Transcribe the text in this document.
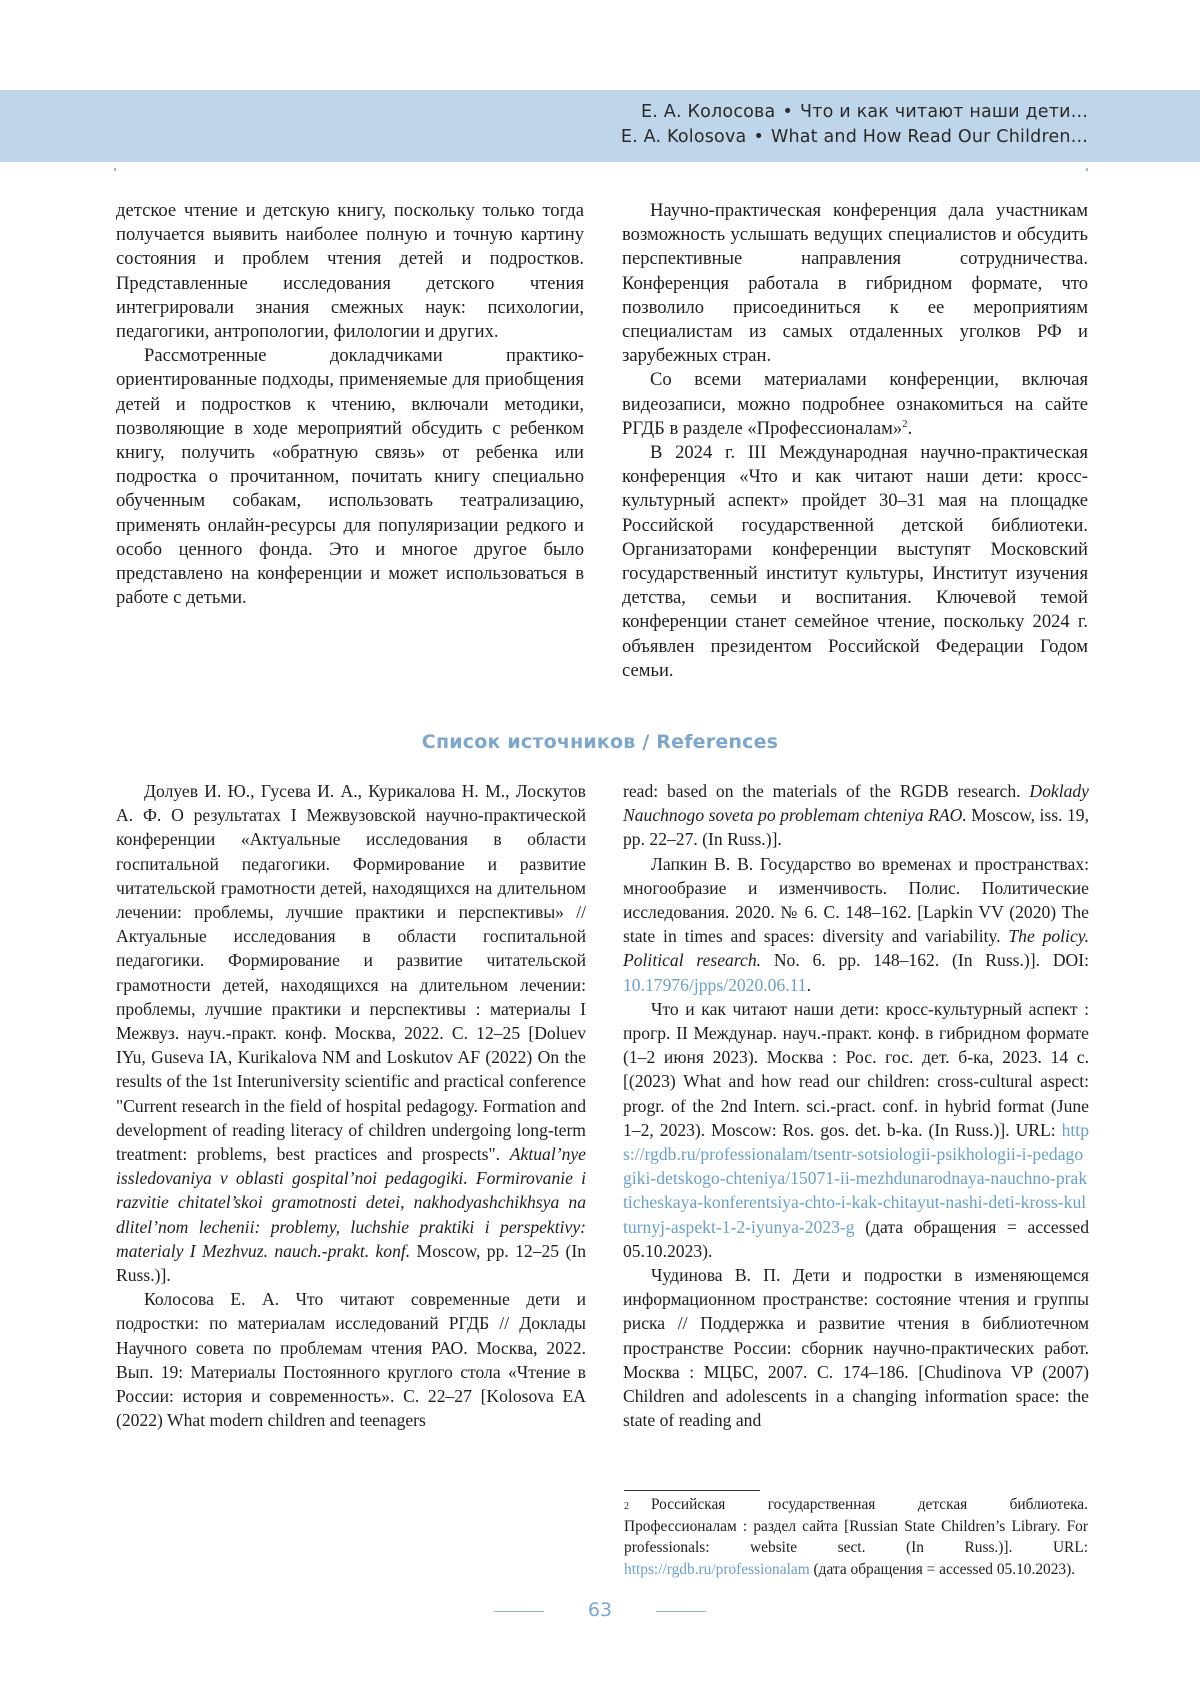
Е. А. Колосова • Что и как читают наши дети...
E. A. Kolosova • What and How Read Our Children...

детское чтение и детскую книгу, поскольку только тогда получается выявить наиболее полную и точную картину состояния и проблем чтения детей и подростков. Представленные исследования детского чтения интегрировали знания смежных наук: психологии, педагогики, антропологии, филологии и других.

Рассмотренные докладчиками практико-ориентированные подходы, применяемые для приобщения детей и подростков к чтению, включали методики, позволяющие в ходе мероприятий обсудить с ребенком книгу, получить «обратную связь» от ребенка или подростка о прочитанном, почитать книгу специально обученным собакам, использовать театрализацию, применять онлайн-ресурсы для популяризации редкого и особо ценного фонда. Это и многое другое было представлено на конференции и может использоваться в работе с детьми.

Научно-практическая конференция дала участникам возможность услышать ведущих специалистов и обсудить перспективные направления сотрудничества. Конференция работала в гибридном формате, что позволило присоединиться к ее мероприятиям специалистам из самых отдаленных уголков РФ и зарубежных стран.

Со всеми материалами конференции, включая видеозаписи, можно подробнее ознакомиться на сайте РГДБ в разделе «Профессионалам»$^2$.

В 2024 г. III Международная научно-практическая конференция «Что и как читают наши дети: кросс-культурный аспект» пройдет 30–31 мая на площадке Российской государственной детской библиотеки. Организаторами конференции выступят Московский государственный институт культуры, Институт изучения детства, семьи и воспитания. Ключевой темой конференции станет семейное чтение, поскольку 2024 г. объявлен президентом Российской Федерации Годом семьи.

Список источников / References

Долуев И. Ю., Гусева И. А., Курикалова Н. М., Лоскутов А. Ф. О результатах I Межвузовской научно-практической конференции «Актуальные исследования в области госпитальной педагогики. Формирование и развитие читательской грамотности детей, находящихся на длительном лечении: проблемы, лучшие практики и перспективы» // Актуальные исследования в области госпитальной педагогики. Формирование и развитие читательской грамотности детей, находящихся на длительном лечении: проблемы, лучшие практики и перспективы : материалы I Межвуз. науч.-практ. конф. Москва, 2022. С. 12–25 [Doluev IYu, Guseva IA, Kurikalova NM and Loskutov AF (2022) On the results of the 1st Interuniversity scientific and practical conference "Current research in the field of hospital pedagogy. Formation and development of reading literacy of children undergoing long-term treatment: problems, best practices and prospects". Aktual’nye issledovaniya v oblasti gospital’noi pedagogiki. Formirovanie i razvitie chitatel’skoi gramotnosti detei, nakhodyashchikhsya na dlitel’nom lechenii: problemy, luchshie praktiki i perspektivy: materialy I Mezhvuz. nauch.-prakt. konf. Moscow, pp. 12–25 (In Russ.)].

Колосова Е. А. Что читают современные дети и подростки: по материалам исследований РГДБ // Доклады Научного совета по проблемам чтения РАО. Москва, 2022. Вып. 19: Материалы Постоянного круглого стола «Чтение в России: история и современность». С. 22–27 [Kolosova EA (2022) What modern children and teenagers

read: based on the materials of the RGDB research. Doklady Nauchnogo soveta po problemam chteniya RAO. Moscow, iss. 19, pp. 22–27. (In Russ.)].

Лапкин В. В. Государство во временах и пространствах: многообразие и изменчивость. Полис. Политические исследования. 2020. № 6. С. 148–162. [Lapkin VV (2020) The state in times and spaces: diversity and variability. The policy. Political research. No. 6. pp. 148–162. (In Russ.)]. DOI: 10.17976/jpps/2020.06.11.

Что и как читают наши дети: кросс-культурный аспект : прогр. II Междунар. науч.-практ. конф. в гибридном формате (1–2 июня 2023). Москва : Рос. гос. дет. б-ка, 2023. 14 с. [(2023) What and how read our children: cross-cultural aspect: progr. of the 2nd Intern. sci.-pract. conf. in hybrid format (June 1–2, 2023). Moscow: Ros. gos. det. b-ka. (In Russ.)]. URL: https://rgdb.ru/professionalam/tsentr-sotsiologii-psikhologii-i-pedagogiki-detskogo-chteniya/15071-ii-mezhdunarodnaya-nauchno-prakticheskaya-konferentsiya-chto-i-kak-chitayut-nashi-deti-kross-kulturnyj-aspekt-1-2-iyunya-2023-g (дата обращения = accessed 05.10.2023).

Чудинова В. П. Дети и подростки в изменяющемся информационном пространстве: состояние чтения и группы риска // Поддержка и развитие чтения в библиотечном пространстве России: сборник научно-практических работ. Москва : МЦБС, 2007. С. 174–186. [Chudinova VP (2007) Children and adolescents in a changing information space: the state of reading and

$^2$ Российская государственная детская библиотека. Профессионалам : раздел сайта [Russian State Children’s Library. For professionals: website sect. (In Russ.)]. URL: https://rgdb.ru/professionalam (дата обращения = accessed 05.10.2023).

63
